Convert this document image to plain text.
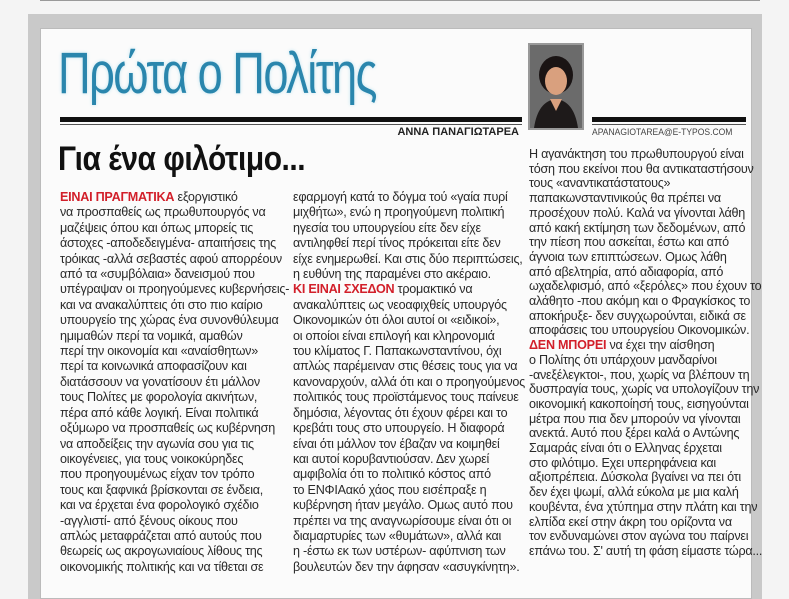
Πρώτα ο Πολίτης
ΑΝΝΑ ΠΑΝΑΓΙΩΤΑΡΕΑ	APANAGIOTAREA@E-TYPOS.COM
Για ένα φιλότιμο...
ΕΙΝΑΙ ΠΡΑΓΜΑΤΙΚΑ εξοργιστικό
να προσπαθείς ως πρωθυπουργός να
μαζέψεις όπου και όπως μπορείς τις
άστοχες -αποδεδειγμένα- απαιτήσεις της
τρόικας -αλλά σεβαστές αφού απορρέουν
από τα «συμβόλαια» δανεισμού που
υπέγραψαν οι προηγούμενες κυβερνήσεις-
και να ανακαλύπτεις ότι στο πιο καίριο
υπουργείο της χώρας ένα συνονθύλευμα
ημιμαθών περί τα νομικά, αμαθών
περί την οικονομία και «αναίσθητων»
περί τα κοινωνικά αποφασίζουν και
διατάσσουν να γονατίσουν έτι μάλλον
τους Πολίτες με φορολογία ακινήτων,
πέρα από κάθε λογική. Είναι πολιτικά
οξύμωρο να προσπαθείς ως κυβέρνηση
να αποδείξεις την αγωνία σου για τις
οικογένειες, για τους νοικοκύρηδες
που προηγουμένως είχαν τον τρόπο
τους και ξαφνικά βρίσκονται σε ένδεια,
και να έρχεται ένα φορολογικό σχέδιο
-αγγλιστί- από ξένους οίκους που
απλώς μεταφράζεται από αυτούς που
θεωρείς ως ακρογωνιαίους λίθους της
οικονομικής πολιτικής και να τίθεται σε
εφαρμογή κατά το δόγμα τού «γαία πυρί
μιχθήτω», ενώ η προηγούμενη πολιτική
ηγεσία του υπουργείου είτε δεν είχε
αντιληφθεί περί τίνος πρόκειται είτε δεν
είχε ενημερωθεί. Και στις δύο περιπτώσεις,
η ευθύνη της παραμένει στο ακέραιο.
ΚΙ ΕΙΝΑΙ ΣΧΕΔΟΝ τρομακτικό να
ανακαλύπτεις ως νεοαφιχθείς υπουργός
Οικονομικών ότι όλοι αυτοί οι «ειδικοί»,
οι οποίοι είναι επιλογή και κληρονομιά
του κλίματος Γ. Παπακωνσταντίνου, όχι
απλώς παρέμειναν στις θέσεις τους για να
κανοναρχούν, αλλά ότι και ο προηγούμενος
πολιτικός τους προϊστάμενος τους παίνευε
δημόσια, λέγοντας ότι έχουν φέρει και το
κρεβάτι τους στο υπουργείο. Η διαφορά
είναι ότι μάλλον τον έβαζαν να κοιμηθεί
και αυτοί κορυβαντιούσαν. Δεν χωρεί
αμφιβολία ότι το πολιτικό κόστος από
το ΕΝΦΙΑακό χάος που εισέπραξε η
κυβέρνηση ήταν μεγάλο. Ομως αυτό που
πρέπει να της αναγνωρίσουμε είναι ότι οι
διαμαρτυρίες των «θυμάτων», αλλά και
η -έστω εκ των υστέρων- αφύπνιση των
βουλευτών δεν την άφησαν «ασυγκίνητη».
Η αγανάκτηση του πρωθυπουργού είναι
τόση που εκείνοι που θα αντικαταστήσουν
τους «αναντικατάστατους»
παπακωνσταντινικούς θα πρέπει να
προσέχουν πολύ. Καλά να γίνονται λάθη
από κακή εκτίμηση των δεδομένων, από
την πίεση που ασκείται, έστω και από
άγνοια των επιπτώσεων. Ομως λάθη
από αβελτηρία, από αδιαφορία, από
ωχαδελφισμό, από «ξερόλες» που έχουν το
αλάθητο -που ακόμη και ο Φραγκίσκος το
αποκήρυξε- δεν συγχωρούνται, ειδικά σε
αποφάσεις του υπουργείου Οικονομικών.
ΔΕΝ ΜΠΟΡΕΙ να έχει την αίσθηση
ο Πολίτης ότι υπάρχουν μανδαρίνοι
-ανεξέλεγκτοι-, που, χωρίς να βλέπουν τη
δυσπραγία τους, χωρίς να υπολογίζουν την
οικονομική κακοποίησή τους, εισηγούνται
μέτρα που πια δεν μπορούν να γίνονται
ανεκτά. Αυτό που ξέρει καλά ο Αντώνης
Σαμαράς είναι ότι ο Ελληνας έρχεται
στο φιλότιμο. Εχει υπερηφάνεια και
αξιοπρέπεια. Δύσκολα βγαίνει να πει ότι
δεν έχει ψωμί, αλλά εύκολα με μια καλή
κουβέντα, ένα χτύπημα στην πλάτη και την
ελπίδα εκεί στην άκρη του ορίζοντα να
τον ενδυναμώνει στον αγώνα του παίρνει
επάνω του. Σ' αυτή τη φάση είμαστε τώρα...
